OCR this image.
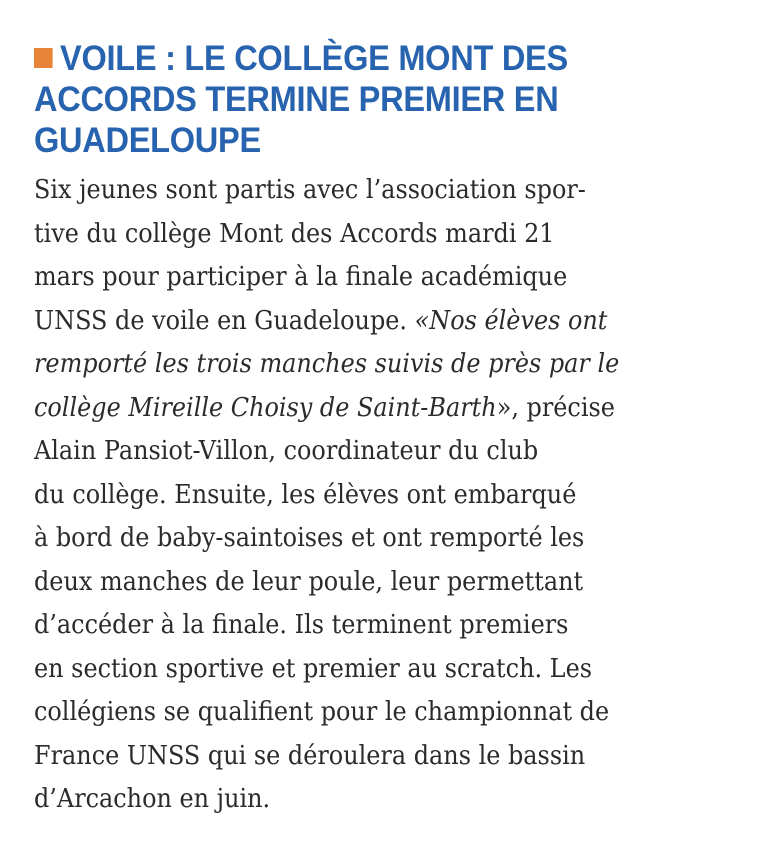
VOILE : LE COLLÈGE MONT DES
ACCORDS TERMINE PREMIER EN
GUADELOUPE
Six jeunes sont partis avec l’association spor-
tive du collège Mont des Accords mardi 21
mars pour participer à la finale académique
UNSS de voile en Guadeloupe. «Nos élèves ont
remporté les trois manches suivis de près par le
collège Mireille Choisy de Saint-Barth», précise
Alain Pansiot-Villon, coordinateur du club
du collège. Ensuite, les élèves ont embarqué
à bord de baby-saintoises et ont remporté les
deux manches de leur poule, leur permettant
d’accéder à la finale. Ils terminent premiers
en section sportive et premier au scratch. Les
collégiens se qualifient pour le championnat de
France UNSS qui se déroulera dans le bassin
d’Arcachon en juin.
